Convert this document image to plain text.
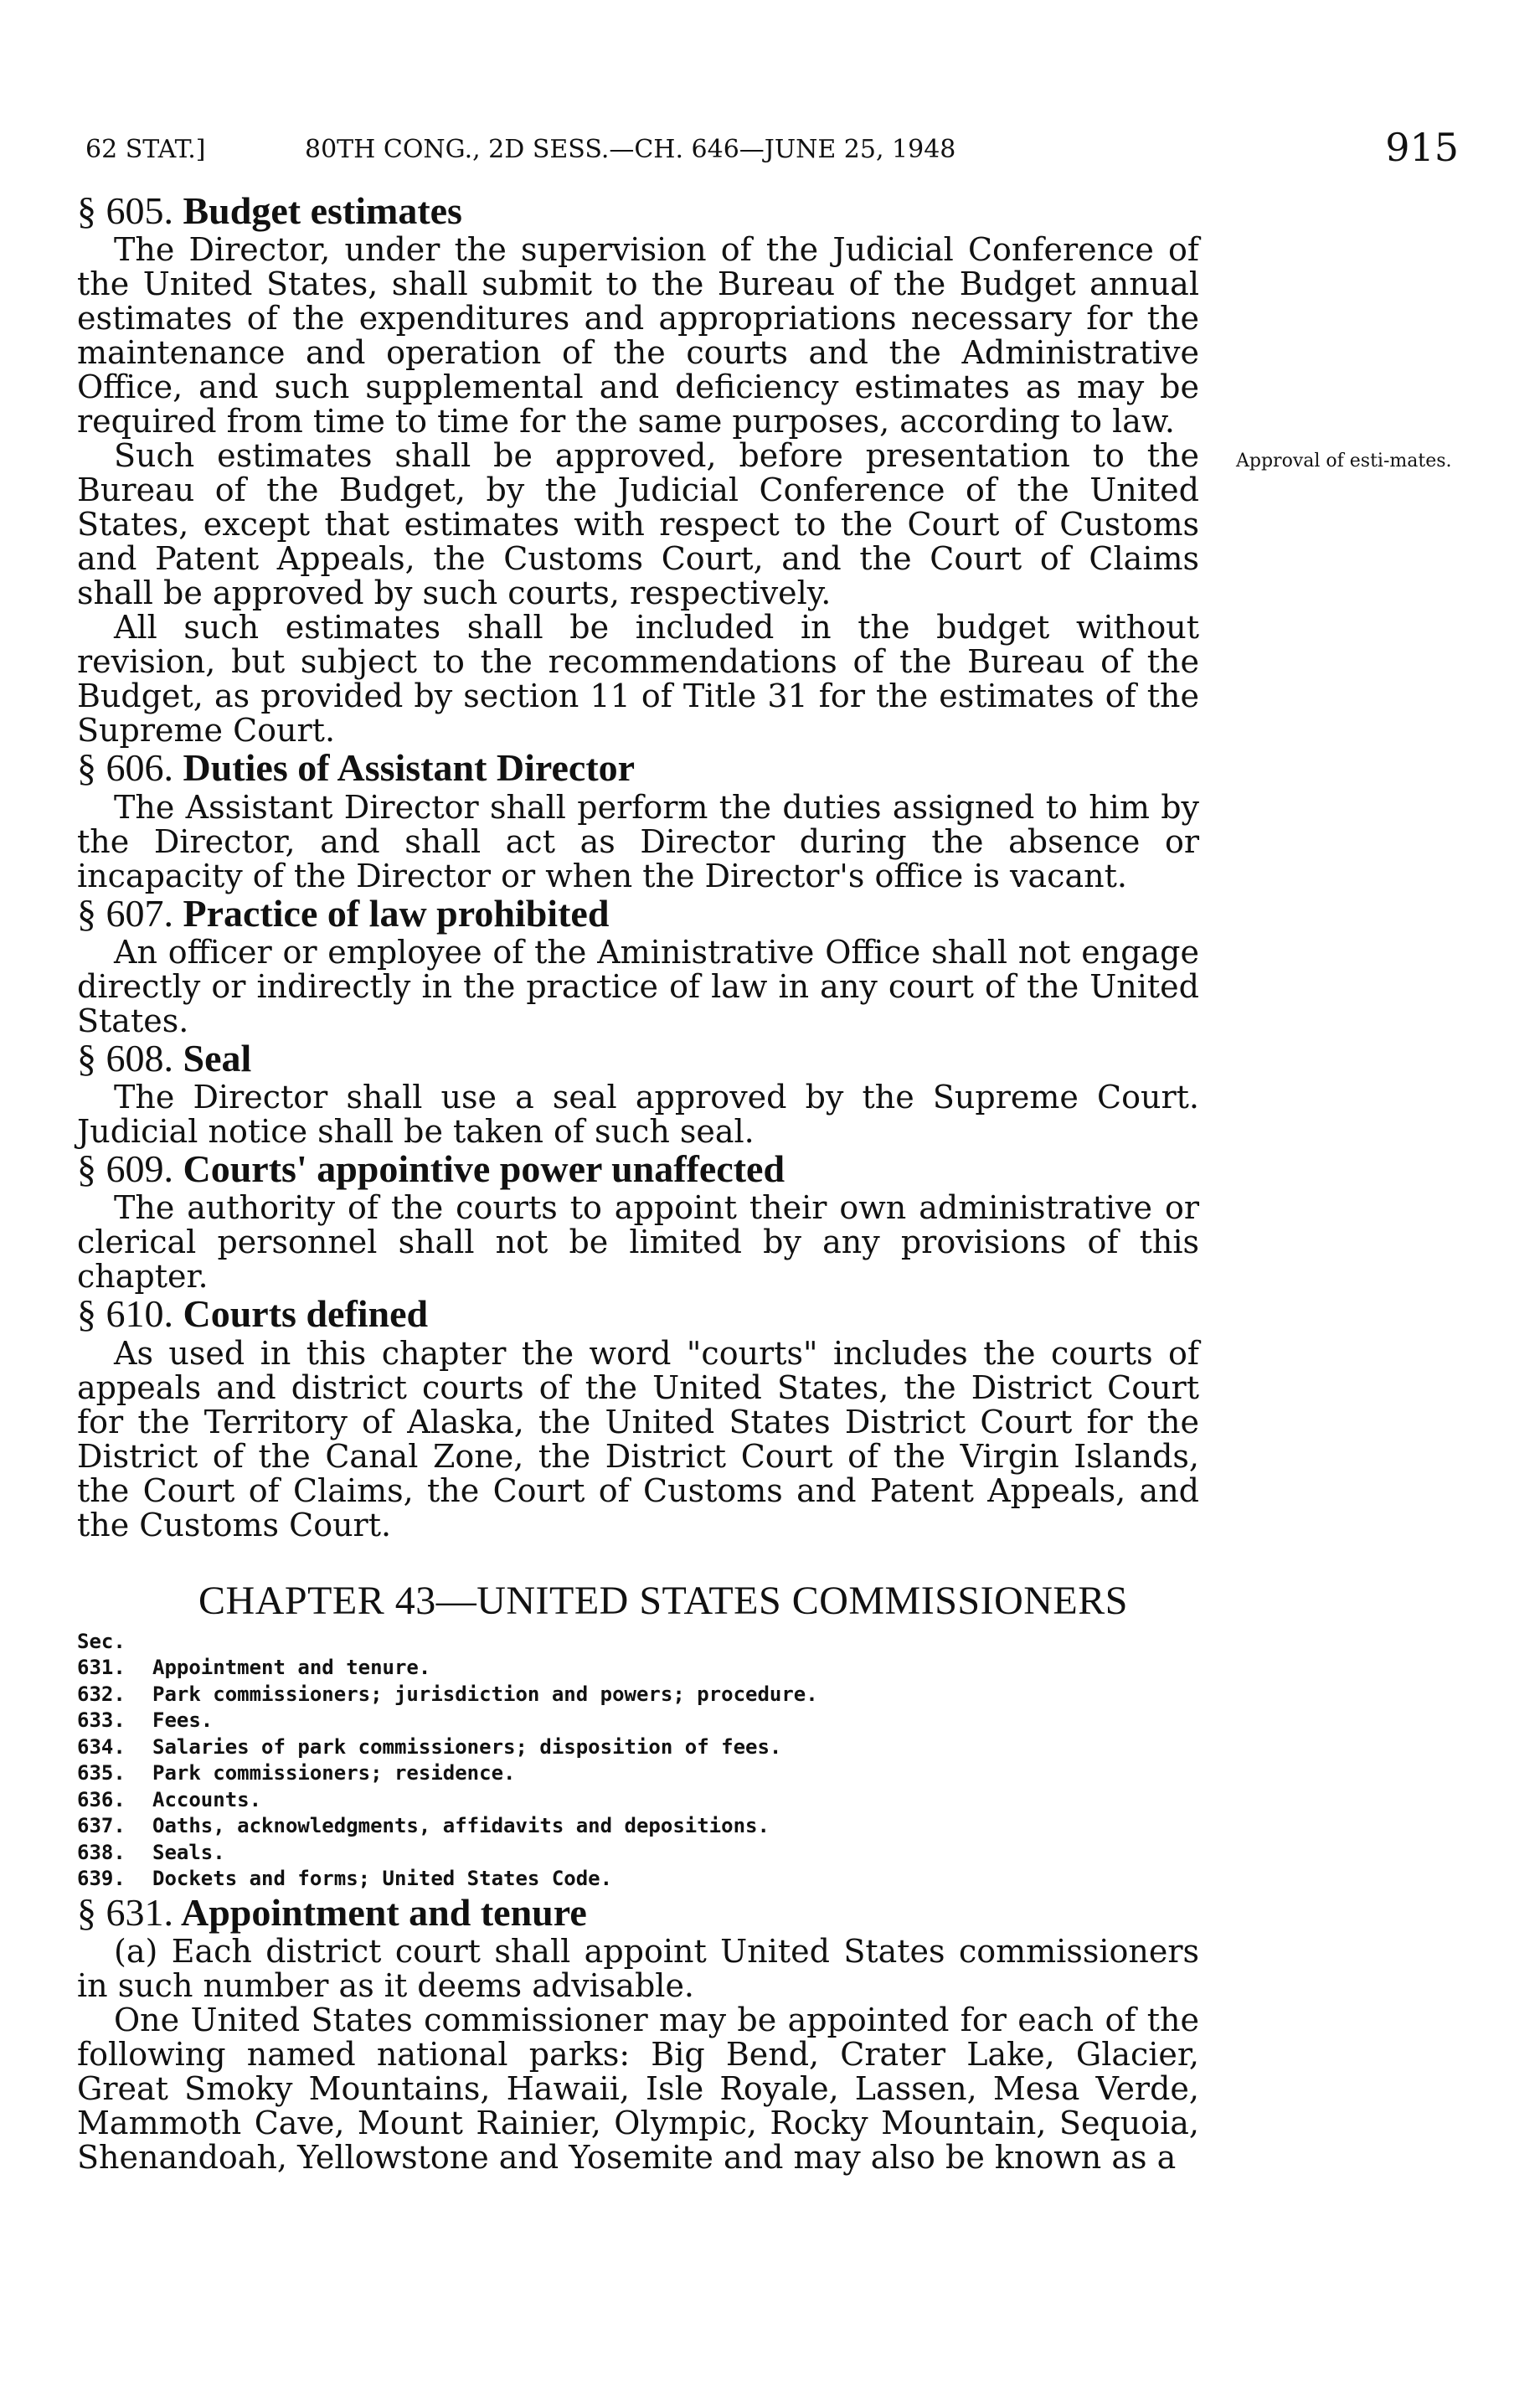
62 STAT.]	80TH CONG., 2D SESS.—CH. 646—JUNE 25, 1948	915
Approval of esti-mates.
§ 605. Budget estimates

The Director, under the supervision of the Judicial Conference of the United States, shall submit to the Bureau of the Budget annual estimates of the expenditures and appropriations necessary for the maintenance and operation of the courts and the Administrative Office, and such supplemental and deficiency estimates as may be required from time to time for the same purposes, according to law.

Such estimates shall be approved, before presentation to the Bureau of the Budget, by the Judicial Conference of the United States, except that estimates with respect to the Court of Customs and Patent Appeals, the Customs Court, and the Court of Claims shall be approved by such courts, respectively.

All such estimates shall be included in the budget without revision, but subject to the recommendations of the Bureau of the Budget, as provided by section 11 of Title 31 for the estimates of the Supreme Court.

§ 606. Duties of Assistant Director

The Assistant Director shall perform the duties assigned to him by the Director, and shall act as Director during the absence or incapacity of the Director or when the Director's office is vacant.

§ 607. Practice of law prohibited

An officer or employee of the Aministrative Office shall not engage directly or indirectly in the practice of law in any court of the United States.

§ 608. Seal

The Director shall use a seal approved by the Supreme Court. Judicial notice shall be taken of such seal.

§ 609. Courts' appointive power unaffected

The authority of the courts to appoint their own administrative or clerical personnel shall not be limited by any provisions of this chapter.

§ 610. Courts defined

As used in this chapter the word "courts" includes the courts of appeals and district courts of the United States, the District Court for the Territory of Alaska, the United States District Court for the District of the Canal Zone, the District Court of the Virgin Islands, the Court of Claims, the Court of Customs and Patent Appeals, and the Customs Court.

CHAPTER 43—UNITED STATES COMMISSIONERS
Sec.
631.	Appointment and tenure.
632.	Park commissioners; jurisdiction and powers; procedure.
633.	Fees.
634.	Salaries of park commissioners; disposition of fees.
635.	Park commissioners; residence.
636.	Accounts.
637.	Oaths, acknowledgments, affidavits and depositions.
638.	Seals.
639.	Dockets and forms; United States Code.
§ 631. Appointment and tenure

(a) Each district court shall appoint United States commissioners in such number as it deems advisable.

One United States commissioner may be appointed for each of the following named national parks: Big Bend, Crater Lake, Glacier, Great Smoky Mountains, Hawaii, Isle Royale, Lassen, Mesa Verde, Mammoth Cave, Mount Rainier, Olympic, Rocky Mountain, Sequoia, Shenandoah, Yellowstone and Yosemite and may also be known as a
